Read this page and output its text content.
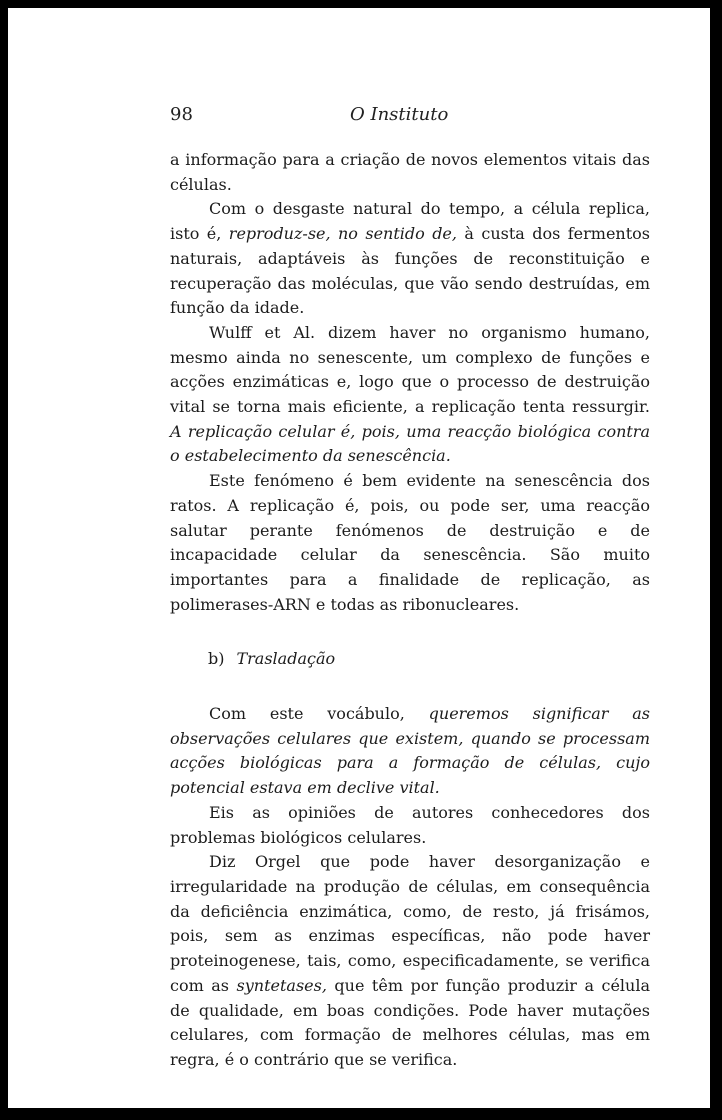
98	O Instituto

a informação para a criação de novos elementos vitais das células.

Com o desgaste natural do tempo, a célula replica, isto é, reproduz-se, no sentido de, à custa dos fermentos naturais, adaptáveis às funções de reconstituição e recuperação das moléculas, que vão sendo destruídas, em função da idade.

Wulff et Al. dizem haver no organismo humano, mesmo ainda no senescente, um complexo de funções e acções enzimáticas e, logo que o processo de destruição vital se torna mais eficiente, a replicação tenta ressurgir. A replicação celular é, pois, uma reacção biológica contra o estabelecimento da senescência.

Este fenómeno é bem evidente na senescência dos ratos. A replicação é, pois, ou pode ser, uma reacção salutar perante fenómenos de destruição e de incapacidade celular da senescência. São muito importantes para a finalidade de replicação, as polimerases-ARN e todas as ribonucleares.

b) Trasladação

Com este vocábulo, queremos significar as observações celulares que existem, quando se processam acções biológicas para a formação de células, cujo potencial estava em declive vital.

Eis as opiniões de autores conhecedores dos problemas biológicos celulares.

Diz Orgel que pode haver desorganização e irregularidade na produção de células, em consequência da deficiência enzimática, como, de resto, já frisámos, pois, sem as enzimas específicas, não pode haver proteinogenese, tais, como, especificadamente, se verifica com as syntetases, que têm por função produzir a célula de qualidade, em boas condições. Pode haver mutações celulares, com formação de melhores células, mas em regra, é o contrário que se verifica.
